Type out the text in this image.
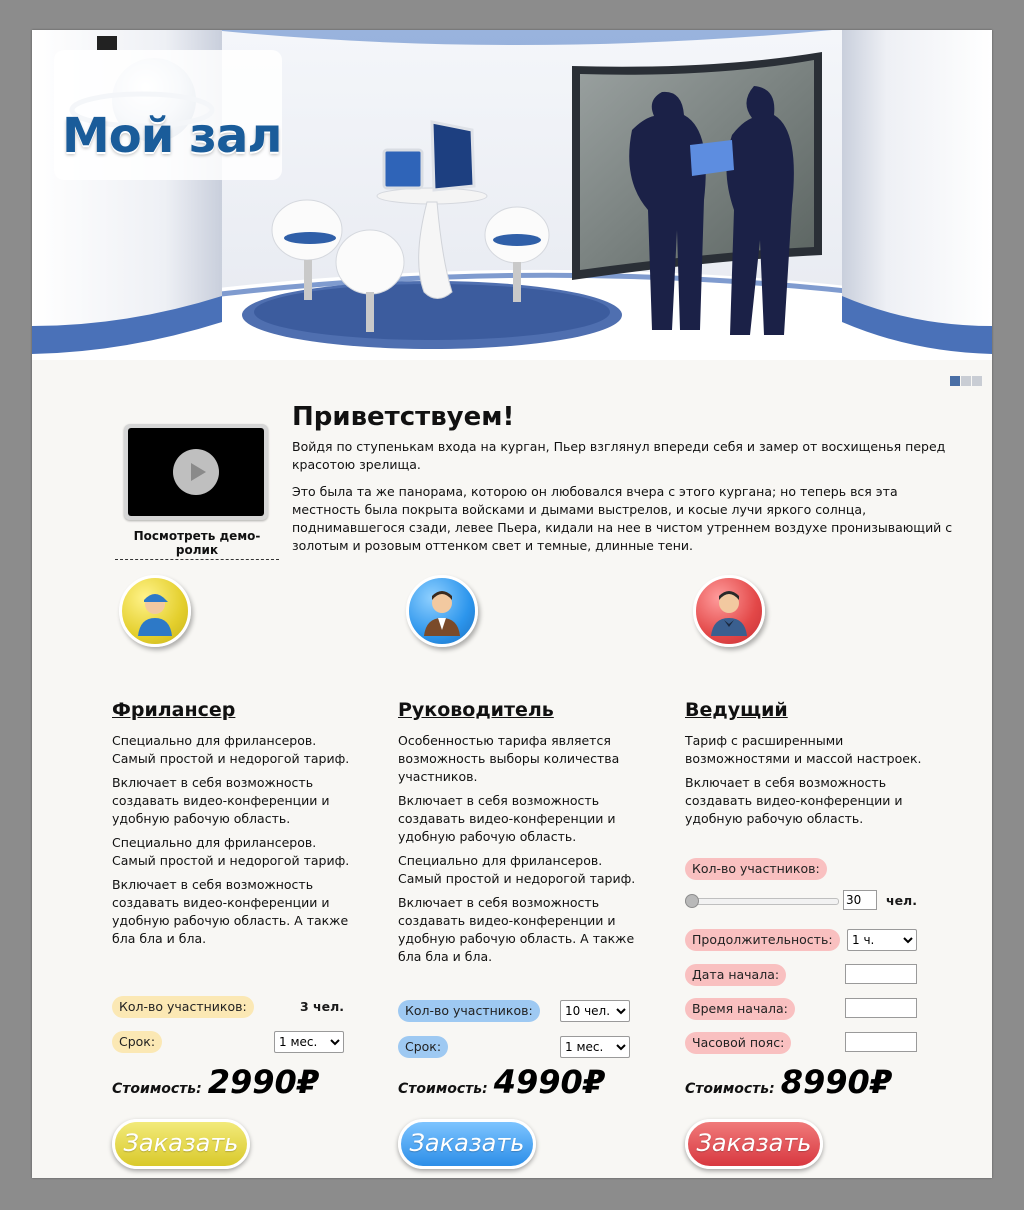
Мой зал
Посмотреть демо-ролик
Приветствуем!

Войдя по ступенькам входа на курган, Пьер взглянул впереди себя и замер от восхищенья перед красотою зрелища.

Это была та же панорама, которою он любовался вчера с этого кургана; но теперь вся эта местность была покрыта войсками и дымами выстрелов, и косые лучи яркого солнца, поднимавшегося сзади, левее Пьера, кидали на нее в чистом утреннем воздухе пронизывающий с золотым и розовым оттенком свет и темные, длинные тени.

Фрилансер

Специально для фрилансеров. Самый простой и недорогой тариф.

Включает в себя возможность создавать видео-конференции и удобную рабочую область.

Специально для фрилансеров. Самый простой и недорогой тариф.

Включает в себя возможность создавать видео-конференции и удобную рабочую область. А также бла бла и бла.

Кол-во участников:	3 чел.
Срок:
1 мес.
Стоимость: 2990₽
Заказать
Руководитель

Особенностью тарифа является возможность выборы количества участников.

Включает в себя возможность создавать видео-конференции и удобную рабочую область.

Специально для фрилансеров. Самый простой и недорогой тариф.

Включает в себя возможность создавать видео-конференции и удобную рабочую область. А также бла бла и бла.

Кол-во участников:
10 чел.
Срок:
1 мес.
Стоимость: 4990₽
Заказать
Ведущий

Тариф с расширенными возможностями и массой настроек.

Включает в себя возможность создавать видео-конференции и удобную рабочую область.

Кол-во участников:
30
чел.
Продолжительность:
1 ч.
Дата начала:
Время начала:
Часовой пояс:
Стоимость: 8990₽
Заказать
